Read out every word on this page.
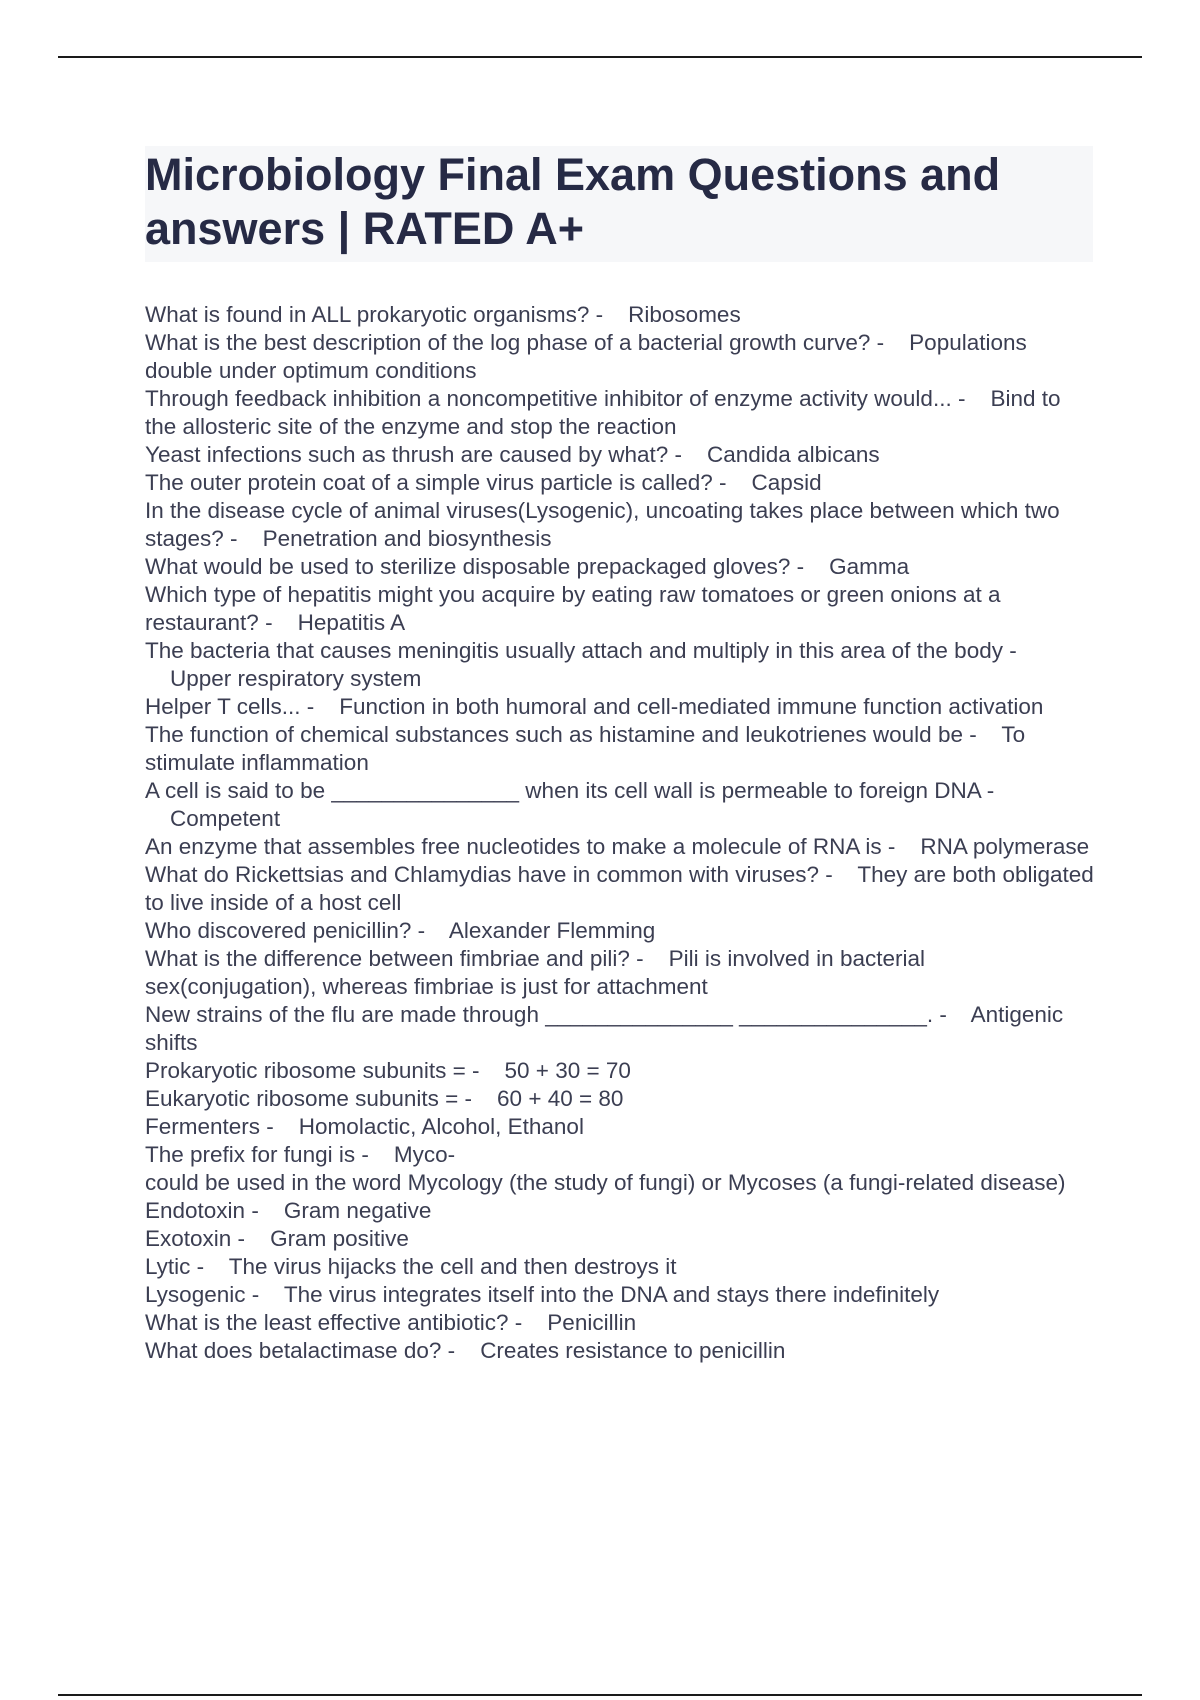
Microbiology Final Exam Questions and answers | RATED A+
What is found in ALL prokaryotic organisms? - Ribosomes
What is the best description of the log phase of a bacterial growth curve? - Populations double under optimum conditions
Through feedback inhibition a noncompetitive inhibitor of enzyme activity would... - Bind to the allosteric site of the enzyme and stop the reaction
Yeast infections such as thrush are caused by what? - Candida albicans
The outer protein coat of a simple virus particle is called? - Capsid
In the disease cycle of animal viruses(Lysogenic), uncoating takes place between which two stages? - Penetration and biosynthesis
What would be used to sterilize disposable prepackaged gloves? - Gamma
Which type of hepatitis might you acquire by eating raw tomatoes or green onions at a restaurant? - Hepatitis A
The bacteria that causes meningitis usually attach and multiply in this area of the body -    Upper respiratory system
Helper T cells... - Function in both humoral and cell-mediated immune function activation
The function of chemical substances such as histamine and leukotrienes would be - To stimulate inflammation
A cell is said to be _______________ when its cell wall is permeable to foreign DNA -    Competent
An enzyme that assembles free nucleotides to make a molecule of RNA is - RNA polymerase
What do Rickettsias and Chlamydias have in common with viruses? - They are both obligated to live inside of a host cell
Who discovered penicillin? - Alexander Flemming
What is the difference between fimbriae and pili? - Pili is involved in bacterial sex(conjugation), whereas fimbriae is just for attachment
New strains of the flu are made through _______________ _______________. - Antigenic shifts
Prokaryotic ribosome subunits = - 50 + 30 = 70
Eukaryotic ribosome subunits = - 60 + 40 = 80
Fermenters - Homolactic, Alcohol, Ethanol
The prefix for fungi is - Myco-
could be used in the word Mycology (the study of fungi) or Mycoses (a fungi-related disease)
Endotoxin - Gram negative
Exotoxin - Gram positive
Lytic - The virus hijacks the cell and then destroys it
Lysogenic - The virus integrates itself into the DNA and stays there indefinitely
What is the least effective antibiotic? - Penicillin
What does betalactimase do? - Creates resistance to penicillin
